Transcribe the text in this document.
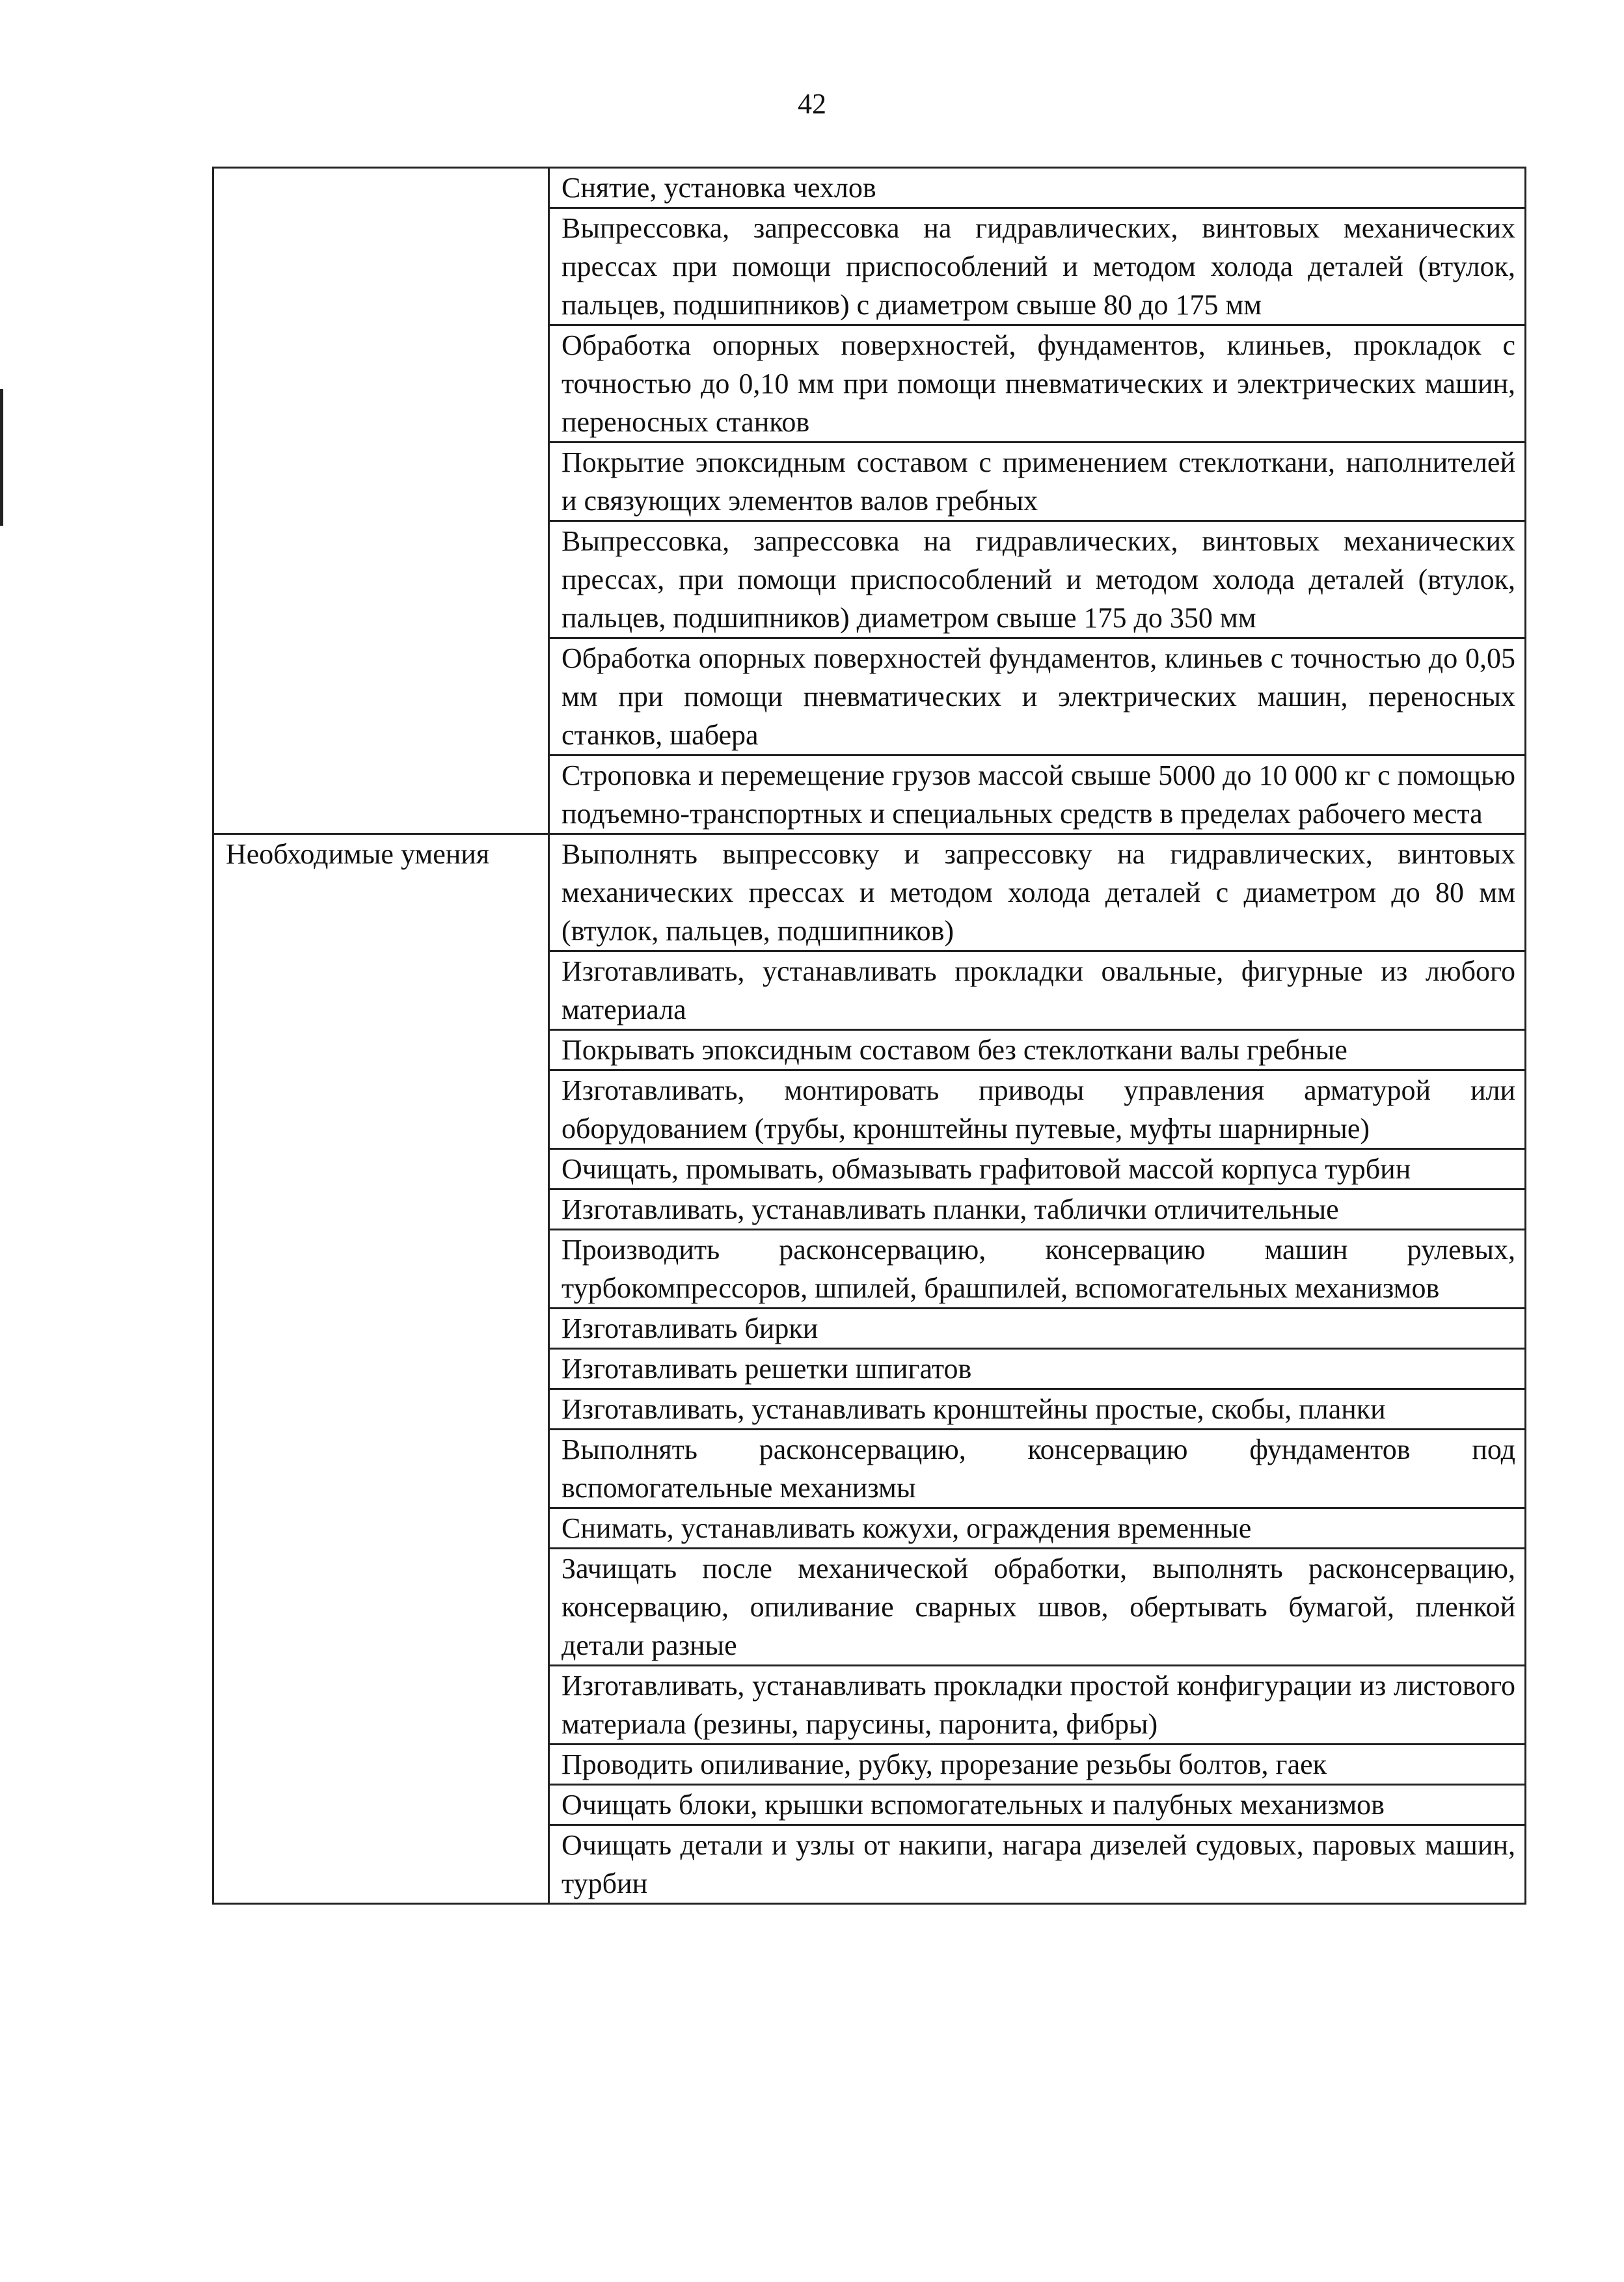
42
	Снятие, установка чехлов
	Выпрессовка, запрессовка на гидравлических, винтовых механических прессах при помощи приспособлений и методом холода деталей (втулок, пальцев, подшипников) с диаметром свыше 80 до 175 мм
	Обработка опорных поверхностей, фундаментов, клиньев, прокладок с точностью до 0,10 мм при помощи пневматических и электрических машин, переносных станков
	Покрытие эпоксидным составом с применением стеклоткани, наполнителей и связующих элементов валов гребных
	Выпрессовка, запрессовка на гидравлических, винтовых механических прессах, при помощи приспособлений и методом холода деталей (втулок, пальцев, подшипников) диаметром свыше 175 до 350 мм
	Обработка опорных поверхностей фундаментов, клиньев с точностью до 0,05 мм при помощи пневматических и электрических машин, переносных станков, шабера
	Строповка и перемещение грузов массой свыше 5000 до 10 000 кг с помощью подъемно-транспортных и специальных средств в пределах рабочего места
Необходимые умения	Выполнять выпрессовку и запрессовку на гидравлических, винтовых механических прессах и методом холода деталей с диаметром до 80 мм (втулок, пальцев, подшипников)
	Изготавливать, устанавливать прокладки овальные, фигурные из любого материала
	Покрывать эпоксидным составом без стеклоткани валы гребные
	Изготавливать, монтировать приводы управления арматурой или оборудованием (трубы, кронштейны путевые, муфты шарнирные)
	Очищать, промывать, обмазывать графитовой массой корпуса турбин
	Изготавливать, устанавливать планки, таблички отличительные
	Производить расконсервацию, консервацию машин рулевых, турбокомпрессоров, шпилей, брашпилей, вспомогательных механизмов
	Изготавливать бирки
	Изготавливать решетки шпигатов
	Изготавливать, устанавливать кронштейны простые, скобы, планки
	Выполнять расконсервацию, консервацию фундаментов под вспомогательные механизмы
	Снимать, устанавливать кожухи, ограждения временные
	Зачищать после механической обработки, выполнять расконсервацию, консервацию, опиливание сварных швов, обертывать бумагой, пленкой детали разные
	Изготавливать, устанавливать прокладки простой конфигурации из листового материала (резины, парусины, паронита, фибры)
	Проводить опиливание, рубку, прорезание резьбы болтов, гаек
	Очищать блоки, крышки вспомогательных и палубных механизмов
	Очищать детали и узлы от накипи, нагара дизелей судовых, паровых машин, турбин
